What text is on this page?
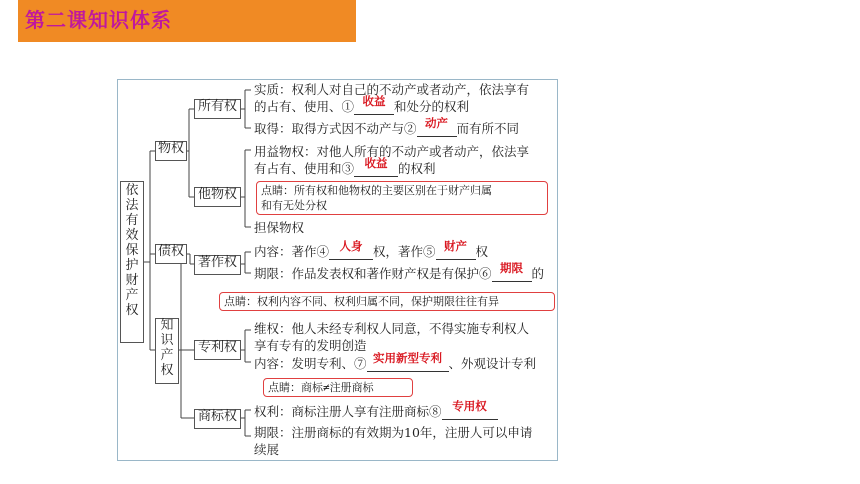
第二课知识体系
依法有效保护财产权
物权
债权
知识产权
所有权
他物权
著作权
专利权
商标权
实质：权利人对自己的不动产或者动产，依法享有
的占有、使用、① 收益 和处分的权利
取得：取得方式因不动产与② 动产 而有所不同
用益物权：对他人所有的不动产或者动产，依法享
有占有、使用和③ 收益 的权利
点睛：所有权和他物权的主要区别在于财产归属
和有无处分权
担保物权
内容：著作④ 人身 权，著作⑤ 财产 权
期限：作品发表权和著作财产权是有保护⑥ 期限 的
点睛：权利内容不同、权利归属不同，保护期限往往有异
维权：他人未经专利权人同意，不得实施专利权人
享有专有的发明创造
内容：发明专利、⑦ 实用新型专利 、外观设计专利
点睛：商标≠注册商标
权利：商标注册人享有注册商标⑧ 专用权
期限：注册商标的有效期为10年，注册人可以申请
续展
